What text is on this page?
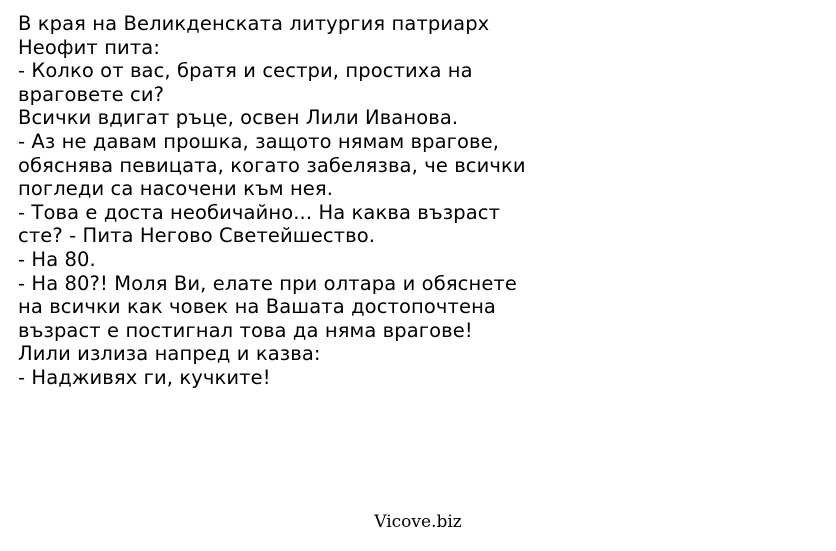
В края на Великденската литургия патриарх
Неофит пита:
- Колко от вас, братя и сестри, простиха на
враговете си?
Всички вдигат ръце, освен Лили Иванова.
- Аз не давам прошка, защото нямам врагове,
обяснява певицата, когато забелязва, че всички
погледи са насочени към нея.
- Това е доста необичайно... На каква възраст
сте? - Пита Негово Светейшество.
- На 80.
- На 80?! Моля Ви, елате при олтара и обяснете
на всички как човек на Вашата достопочтена
възраст е постигнал това да няма врагове!
Лили излиза напред и казва:
- Надживях ги, кучките!
Vicove.biz
